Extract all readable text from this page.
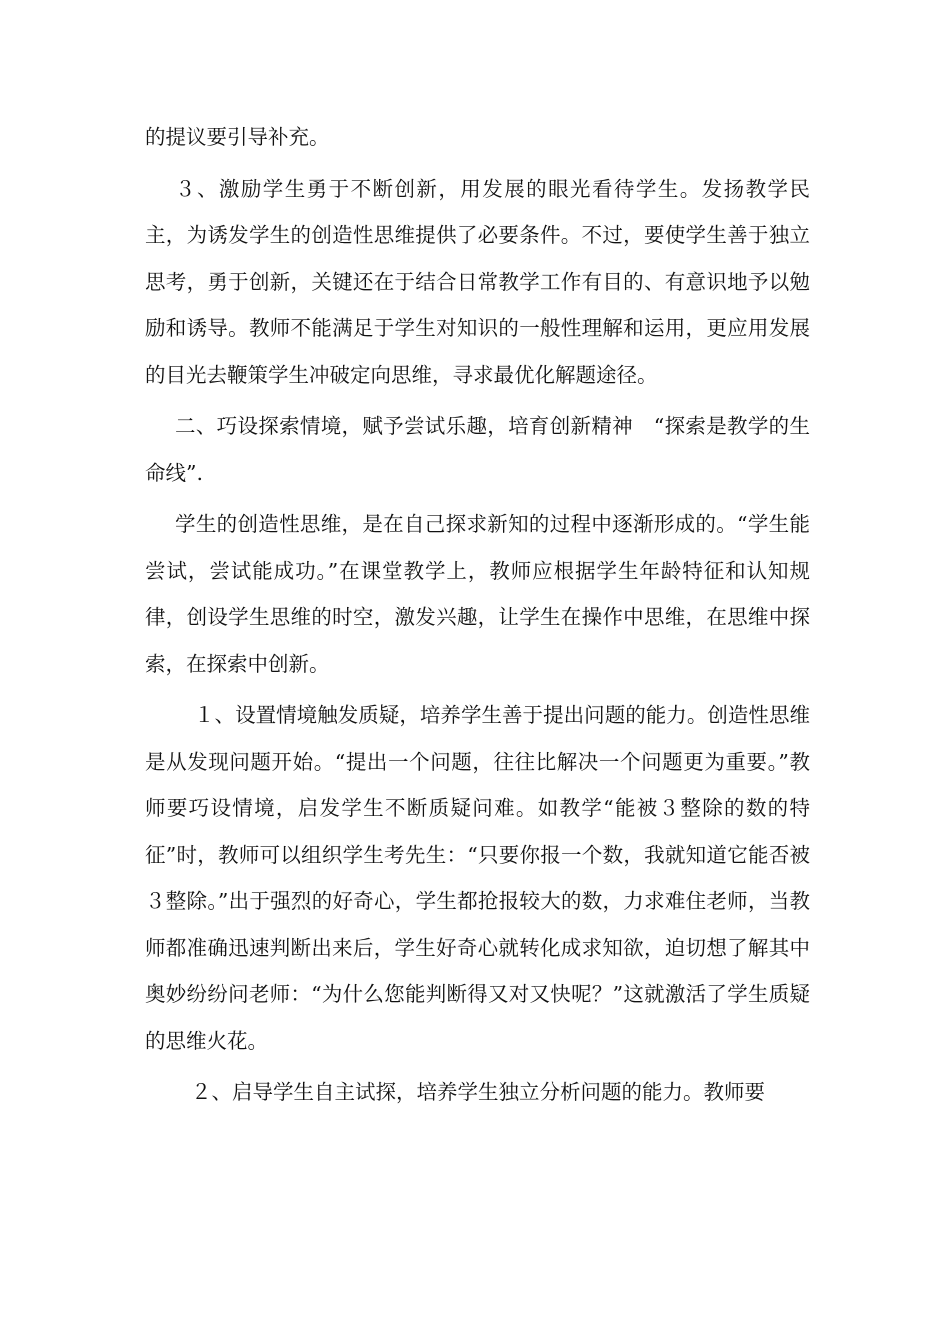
的提议要引导补充。

３、激励学生勇于不断创新，用发展的眼光看待学生。发扬教学民主，为诱发学生的创造性思维提供了必要条件。不过，要使学生善于独立思考，勇于创新，关键还在于结合日常教学工作有目的、有意识地予以勉励和诱导。教师不能满足于学生对知识的一般性理解和运用，更应用发展的目光去鞭策学生冲破定向思维，寻求最优化解题途径。

二、巧设探索情境，赋予尝试乐趣，培育创新精神　“探索是教学的生命线”.

学生的创造性思维，是在自己探求新知的过程中逐渐形成的。“学生能尝试，尝试能成功。”在课堂教学上，教师应根据学生年龄特征和认知规律，创设学生思维的时空，激发兴趣，让学生在操作中思维，在思维中探索，在探索中创新。

１、设置情境触发质疑，培养学生善于提出问题的能力。创造性思维是从发现问题开始。“提出一个问题，往往比解决一个问题更为重要。”教师要巧设情境，启发学生不断质疑问难。如教学“能被３整除的数的特征”时，教师可以组织学生考先生：“只要你报一个数，我就知道它能否被３整除。”出于强烈的好奇心，学生都抢报较大的数，力求难住老师，当教师都准确迅速判断出来后，学生好奇心就转化成求知欲，迫切想了解其中奥妙纷纷问老师：“为什么您能判断得又对又快呢？”这就激活了学生质疑的思维火花。

２、启导学生自主试探，培养学生独立分析问题的能力。教师要
